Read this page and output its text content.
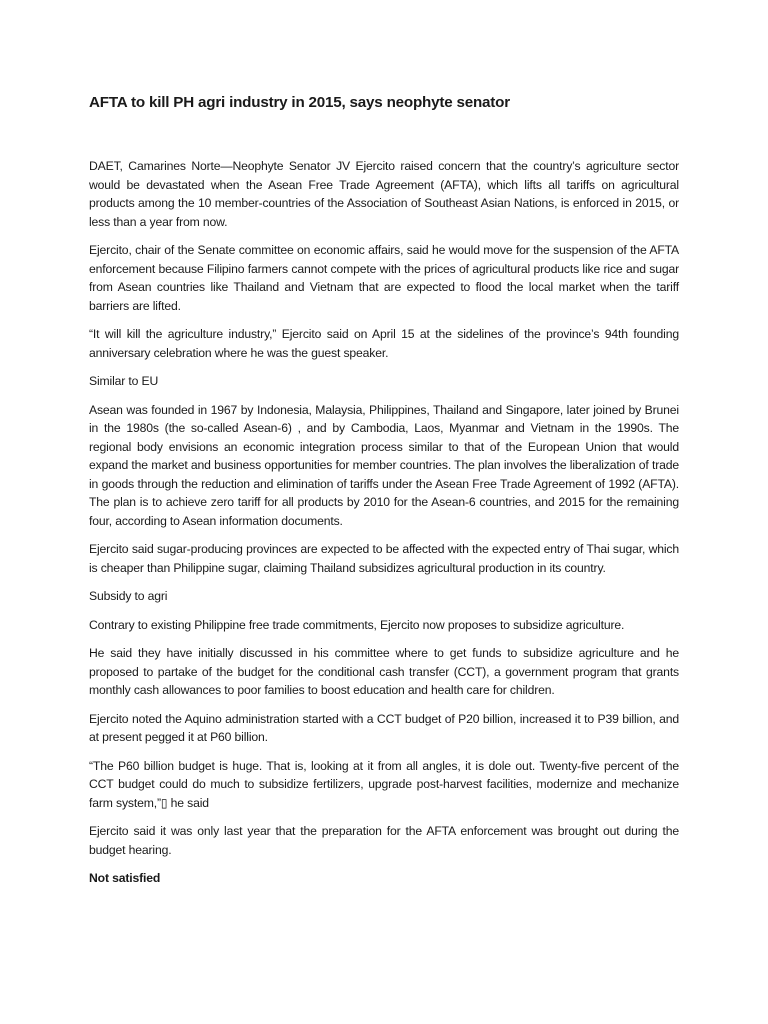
AFTA to kill PH agri industry in 2015, says neophyte senator

DAET, Camarines Norte—Neophyte Senator JV Ejercito raised concern that the country’s agriculture sector would be devastated when the Asean Free Trade Agreement (AFTA), which lifts all tariffs on agricultural products among the 10 member-countries of the Association of Southeast Asian Nations, is enforced in 2015, or less than a year from now.

Ejercito, chair of the Senate committee on economic affairs, said he would move for the suspension of the AFTA enforcement because Filipino farmers cannot compete with the prices of agricultural products like rice and sugar from Asean countries like Thailand and Vietnam that are expected to flood the local market when the tariff barriers are lifted.

“It will kill the agriculture industry,” Ejercito said on April 15 at the sidelines of the province’s 94th founding anniversary celebration where he was the guest speaker.

Similar to EU

Asean was founded in 1967 by Indonesia, Malaysia, Philippines, Thailand and Singapore, later joined by Brunei in the 1980s (the so-called Asean-6) , and by Cambodia, Laos, Myanmar and Vietnam in the 1990s. The regional body envisions an economic integration process similar to that of the European Union that would expand the market and business opportunities for member countries. The plan involves the liberalization of trade in goods through the reduction and elimination of tariffs under the Asean Free Trade Agreement of 1992 (AFTA). The plan is to achieve zero tariff for all products by 2010 for the Asean-6 countries, and 2015 for the remaining four, according to Asean information documents.

Ejercito said sugar-producing provinces are expected to be affected with the expected entry of Thai sugar, which is cheaper than Philippine sugar, claiming Thailand subsidizes agricultural production in its country.

Subsidy to agri

Contrary to existing Philippine free trade commitments, Ejercito now proposes to subsidize agriculture.

He said they have initially discussed in his committee where to get funds to subsidize agriculture and he proposed to partake of the budget for the conditional cash transfer (CCT), a government program that grants monthly cash allowances to poor families to boost education and health care for children.

Ejercito noted the Aquino administration started with a CCT budget of P20 billion, increased it to P39 billion, and at present pegged it at P60 billion.

“The P60 billion budget is huge. That is, looking at it from all angles, it is dole out. Twenty-five percent of the CCT budget could do much to subsidize fertilizers, upgrade post-harvest facilities, modernize and mechanize farm system,”▯ he said

Ejercito said it was only last year that the preparation for the AFTA enforcement was brought out during the budget hearing.

Not satisfied
